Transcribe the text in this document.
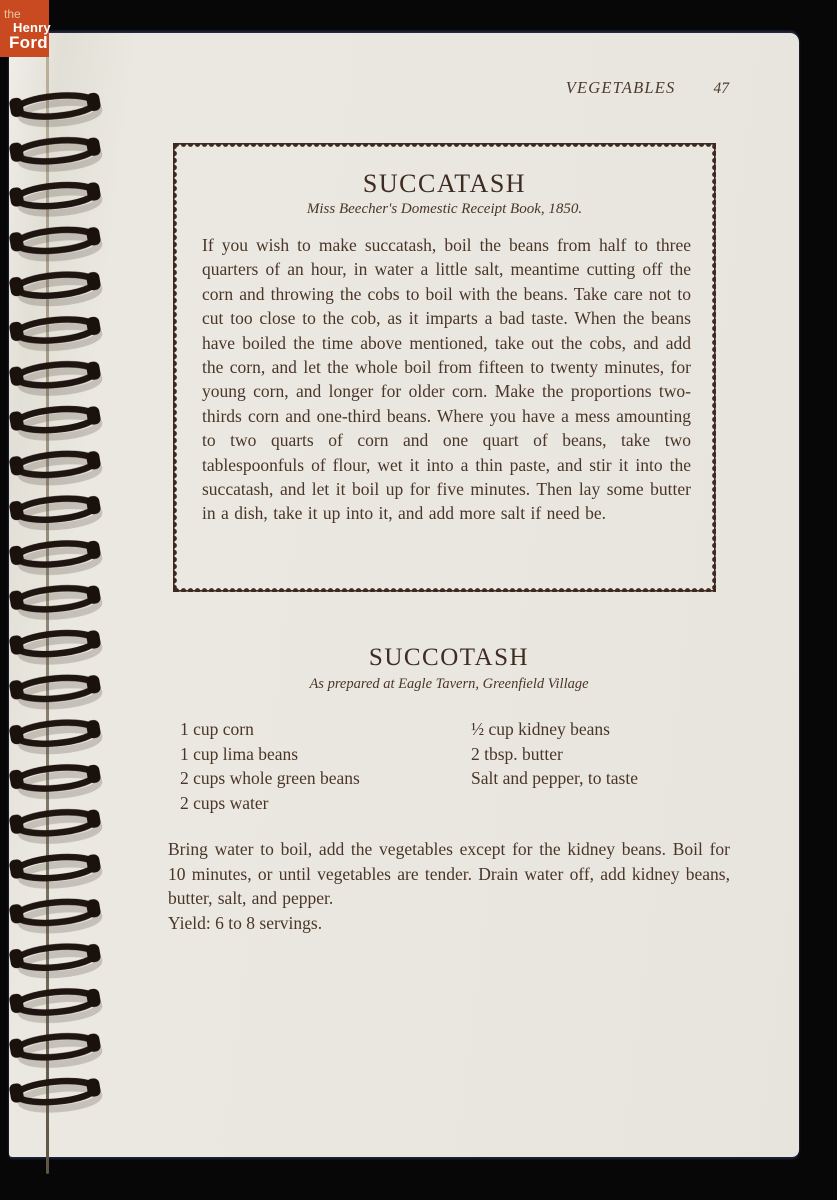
VEGETABLES 47
SUCCATASH
Miss Beecher's Domestic Receipt Book, 1850.

If you wish to make succatash, boil the beans from half to three quarters of an hour, in water a little salt, meantime cutting off the corn and throwing the cobs to boil with the beans. Take care not to cut too close to the cob, as it imparts a bad taste. When the beans have boiled the time above mentioned, take out the cobs, and add the corn, and let the whole boil from fifteen to twenty minutes, for young corn, and longer for older corn. Make the proportions two-thirds corn and one-third beans. Where you have a mess amounting to two quarts of corn and one quart of beans, take two tablespoonfuls of flour, wet it into a thin paste, and stir it into the succatash, and let it boil up for five minutes. Then lay some butter in a dish, take it up into it, and add more salt if need be.

SUCCOTASH
As prepared at Eagle Tavern, Greenfield Village
1 cup corn
1 cup lima beans
2 cups whole green beans
2 cups water
½ cup kidney beans
2 tbsp. butter
Salt and pepper, to taste

Bring water to boil, add the vegetables except for the kidney beans. Boil for 10 minutes, or until vegetables are tender. Drain water off, add kidney beans, butter, salt, and pepper.

Yield: 6 to 8 servings.
the
Henry
Ford
